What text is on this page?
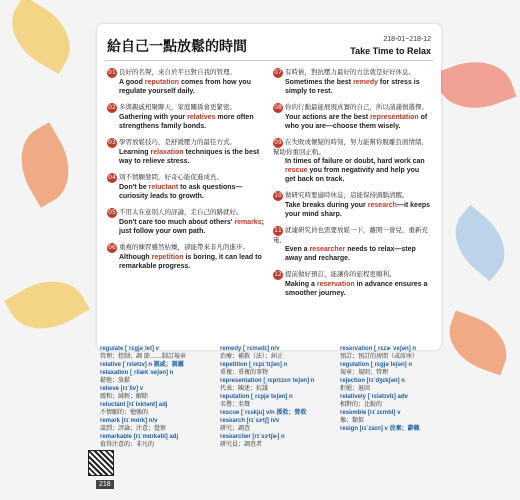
給自己一點放鬆的時間	218-01~218-12
Take Time to Relax
01 良好的名聲，來自於平日對自我的管理。
A good reputation comes from how you regulate yourself daily.
02 多與親戚相聚聊天，家庭關係會更緊密。
Gathering with your relatives more often strengthens family bonds.
03 學習放鬆技巧，是舒緩壓力的最佳方式。
Learning relaxation techniques is the best way to relieve stress.
04 別不情願發問，好奇心能促進成長。
Don't be reluctant to ask questions—curiosity leads to growth.
05 不用太在意別人的評論，走自己的路就好。
Don't care too much about others' remarks; just follow your own path.
06 重複的練習雖然枯燥，卻能帶來非凡的進步。
Although repetition is boring, it can lead to remarkable progress.
07 有時候，對抗壓力最好的方法就是好好休息。
Sometimes the best remedy for stress is simply to rest.
08 你的行動最能展現真實的自己，所以請謹慎選擇。
Your actions are the best representation of who you are—choose them wisely.
09 在失敗或懷疑的時刻，努力能幫你脫離負面情緒，幫助你重回正軌。
In times of failure or doubt, hard work can rescue you from negativity and help you get back on track.
10 做研究時要適時休息，這能保持頭腦清醒。
Take breaks during your research—it keeps your mind sharp.
11 就連研究員也需要放鬆一下，離開一會兒，重新充電。
Even a researcher needs to relax—step away and recharge.
12 提前做好預訂，能讓你的旅程更順利。
Making a reservation in advance ensures a smoother journey.
regulate [ˈrɛɡjəˌlet] v
管理；控制；調 節……制訂規章
relative [ˈrɛlətɪv] n 親戚；親屬
relaxation [ˌrilækˈseʃən] n
鬆弛；放鬆
relieve [rɪˈliv] v
緩和；減輕；解除
reluctant [rɪˈlʌktənt] adj
不情願的；勉強的
remark [rɪˈmɑrk] n/v
談到；評論；注意；覺察
remarkable [rɪˈmɑrkəbl] adj
值得注意的；非凡的
remedy [ˈrɛmədɪ] n/v
治療；補救（法）；糾正
repetition [ˌrɛpɪˈtɪʃən] n
重複；重複的事物
representation [ˌrɛprɪzɛnˈteʃən] n
代表；陳述；抗議
reputation [ˌrɛpjəˈteʃən] n
名譽；名聲
rescue [ˈrɛskju] v/n 援救；營救
research [rɪˈsɝtʃ] n/v
研究；調查
researcher [rɪˈsɝtʃɚ] n
研究員；調查者
reservation [ˌrɛzɚˈveʃən] n
預訂；預訂的房間（或席座）
regulation [ˌrɛɡjəˈleʃən] n
規章；規則；管理
rejection [rɪˈdʒɛkʃən] n
拒絕；退回
relatively [ˈrɛlətɪvlɪ] adv
相對的；比較的
resemble [rɪˈzɛmbl] v
像；類似
resign [rɪˈzaɪn] v 放棄；辭職
218
